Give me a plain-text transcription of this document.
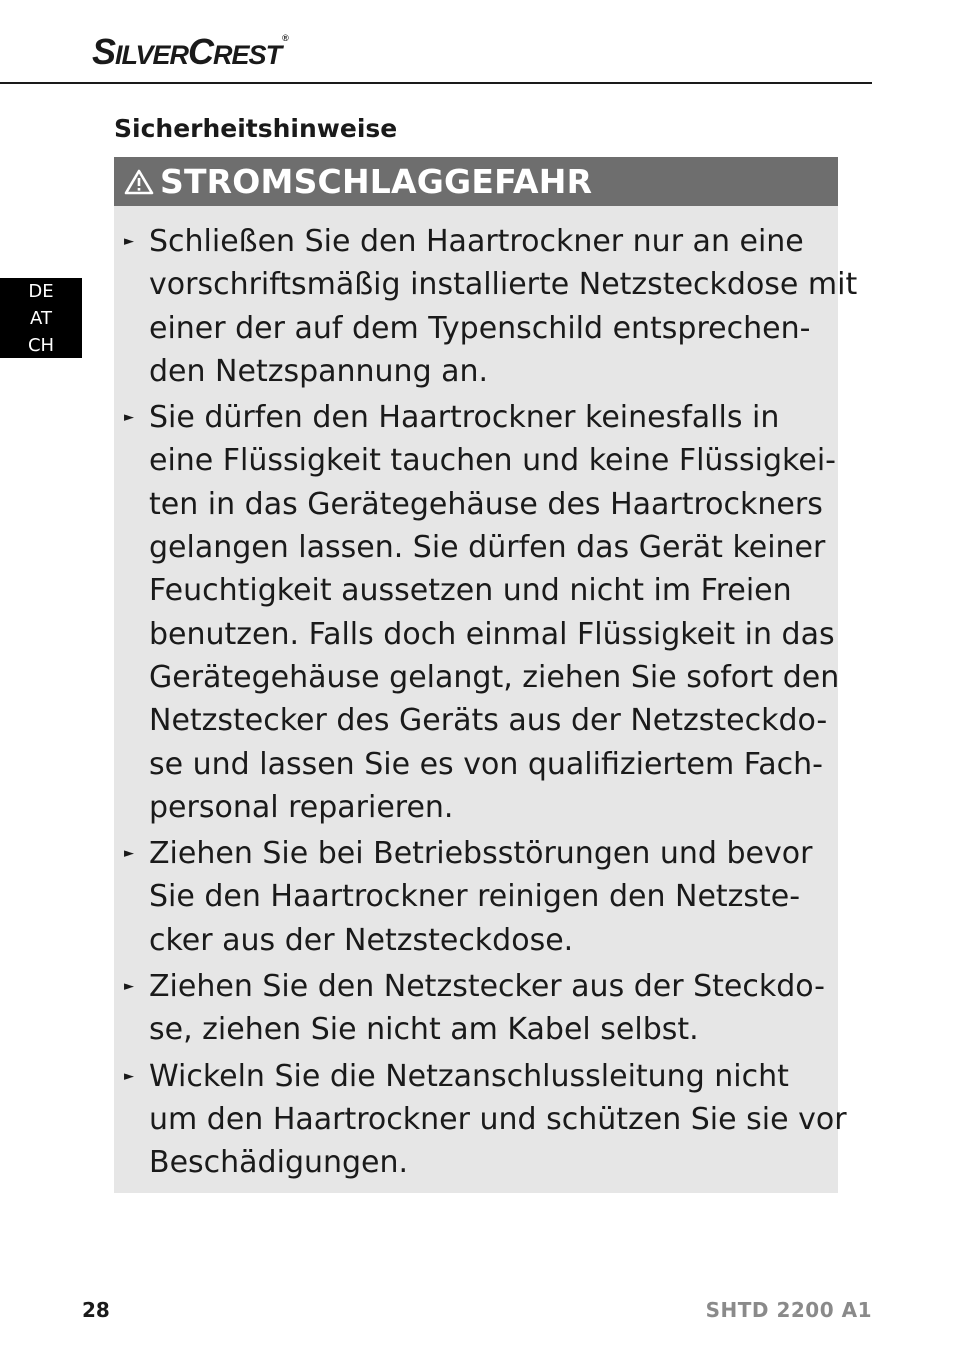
SILVERCREST®
Sicherheitshinweise
DE
AT
CH
STROMSCHLAGGEFAHR
► Schließen Sie den Haartrockner nur an eine
vorschriftsmäßig installierte Netzsteckdose mit
einer der auf dem Typenschild entsprechen-
den Netzspannung an.
► Sie dürfen den Haartrockner keinesfalls in
eine Flüssigkeit tauchen und keine Flüssigkei-
ten in das Gerätegehäuse des Haartrockners
gelangen lassen. Sie dürfen das Gerät keiner
Feuchtigkeit aussetzen und nicht im Freien
benutzen. Falls doch einmal Flüssigkeit in das
Gerätegehäuse gelangt, ziehen Sie sofort den
Netzstecker des Geräts aus der Netzsteckdo-
se und lassen Sie es von qualifiziertem Fach-
personal reparieren.
► Ziehen Sie bei Betriebsstörungen und bevor
Sie den Haartrockner reinigen den Netzste-
cker aus der Netzsteckdose.
► Ziehen Sie den Netzstecker aus der Steckdo-
se, ziehen Sie nicht am Kabel selbst.
► Wickeln Sie die Netzanschlussleitung nicht
um den Haartrockner und schützen Sie sie vor
Beschädigungen.
28	SHTD 2200 A1
